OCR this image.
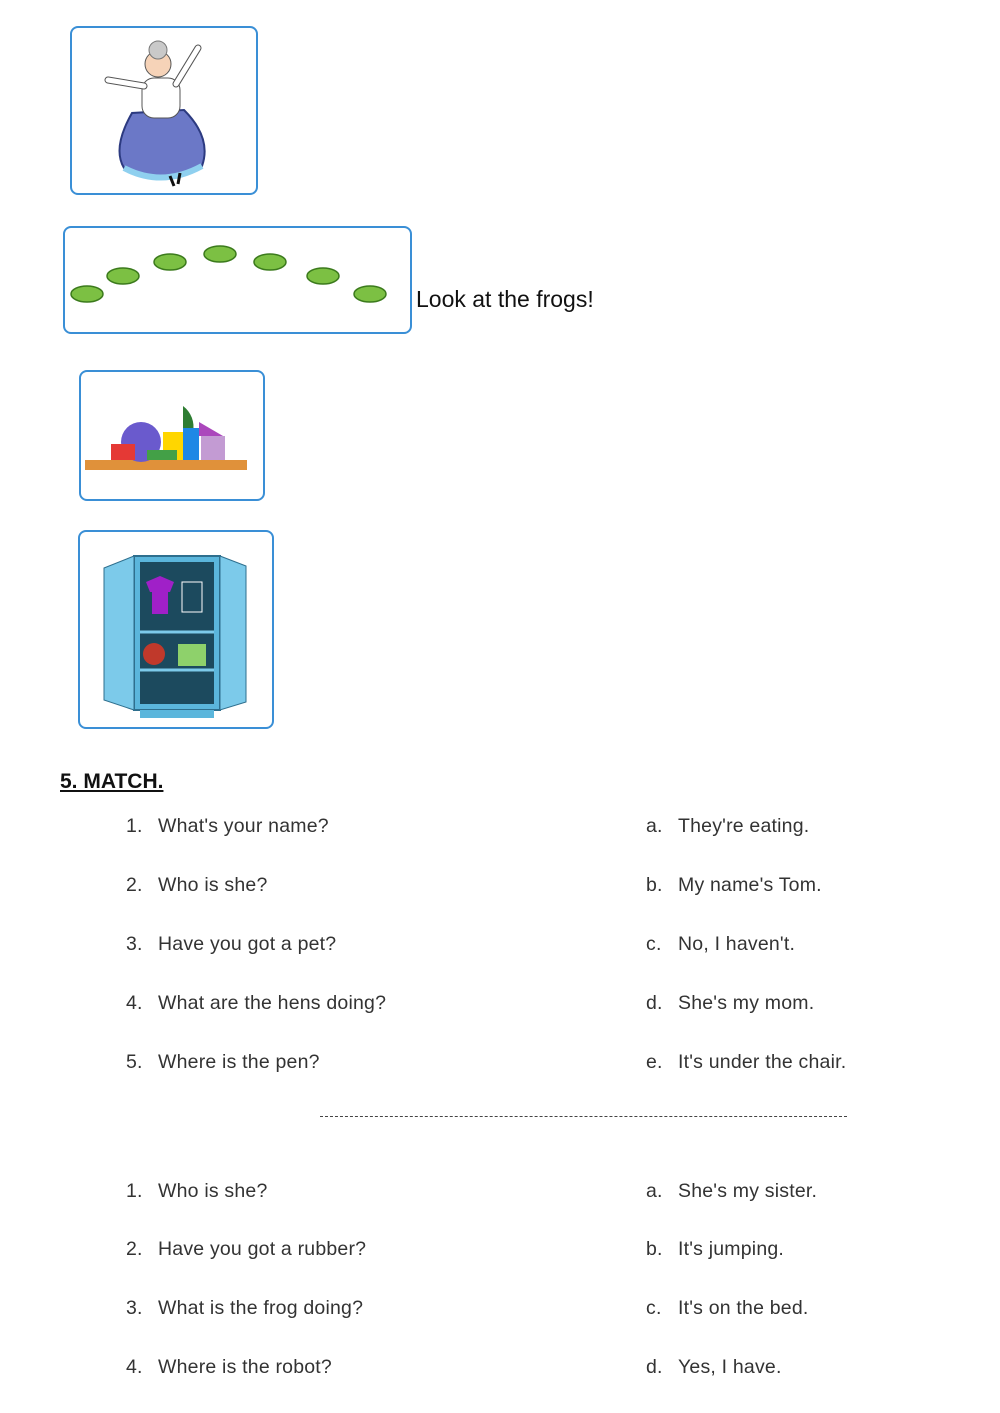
Look at the frogs!
5. MATCH.
1. What's your name?
2. Who is she?
3. Have you got a pet?
4. What are the hens doing?
5. Where is the pen?
a. They're eating.
b. My name's Tom.
c. No, I haven't.
d. She's my mom.
e. It's under the chair.
1. Who is she?
2. Have you got a rubber?
3. What is the frog doing?
4. Where is the robot?
a. She's my sister.
b. It's jumping.
c. It's on the bed.
d. Yes, I have.
